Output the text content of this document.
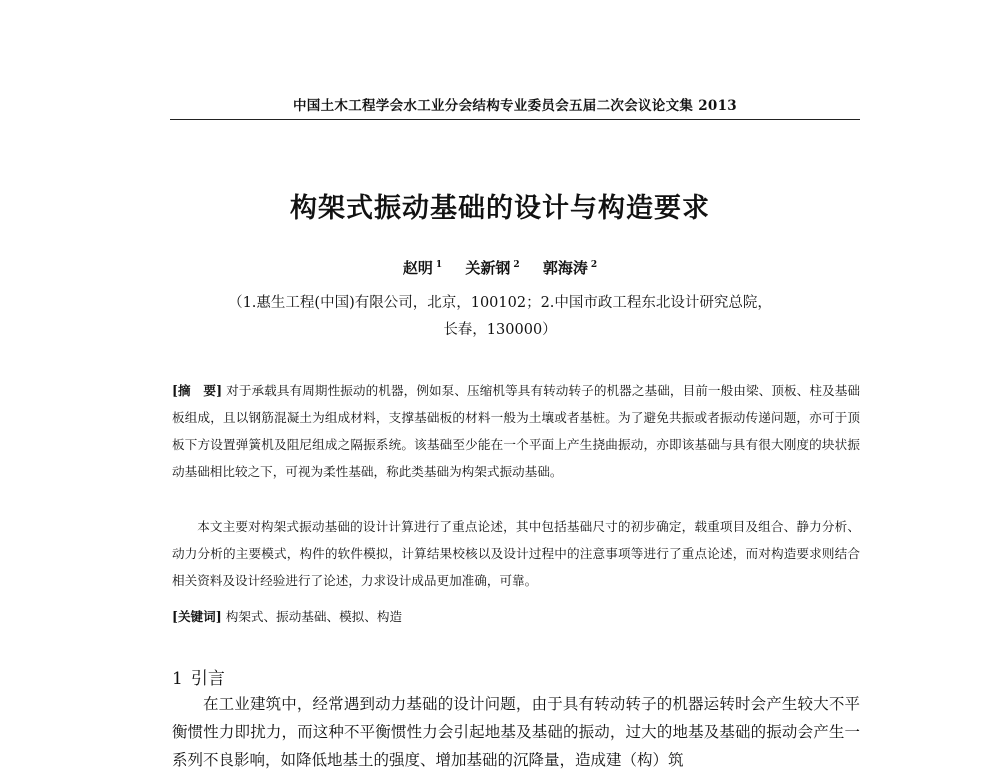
中国土木工程学会水工业分会结构专业委员会五届二次会议论文集 2013
构架式振动基础的设计与构造要求
赵明 $^1$ 关新钢 $^2$ 郭海涛 $^2$
（1.惠生工程(中国)有限公司，北京，100102；2.中国市政工程东北设计研究总院，
长春，130000）

[摘　要] 对于承载具有周期性振动的机器，例如泵、压缩机等具有转动转子的机器之基础，目前一般由梁、顶板、柱及基础板组成，且以钢筋混凝土为组成材料，支撑基础板的材料一般为土壤或者基桩。为了避免共振或者振动传递问题，亦可于顶板下方设置弹簧机及阻尼组成之隔振系统。该基础至少能在一个平面上产生挠曲振动，亦即该基础与具有很大刚度的块状振动基础相比较之下，可视为柔性基础，称此类基础为构架式振动基础。

本文主要对构架式振动基础的设计计算进行了重点论述，其中包括基础尺寸的初步确定，载重项目及组合、静力分析、动力分析的主要模式，构件的软件模拟，计算结果校核以及设计过程中的注意事项等进行了重点论述，而对构造要求则结合相关资料及设计经验进行了论述，力求设计成品更加准确，可靠。

[关键词] 构架式、振动基础、模拟、构造

1 引言

在工业建筑中，经常遇到动力基础的设计问题，由于具有转动转子的机器运转时会产生较大不平衡惯性力即扰力，而这种不平衡惯性力会引起地基及基础的振动，过大的地基及基础的振动会产生一系列不良影响，如降低地基土的强度、增加基础的沉降量，造成建（构）筑
